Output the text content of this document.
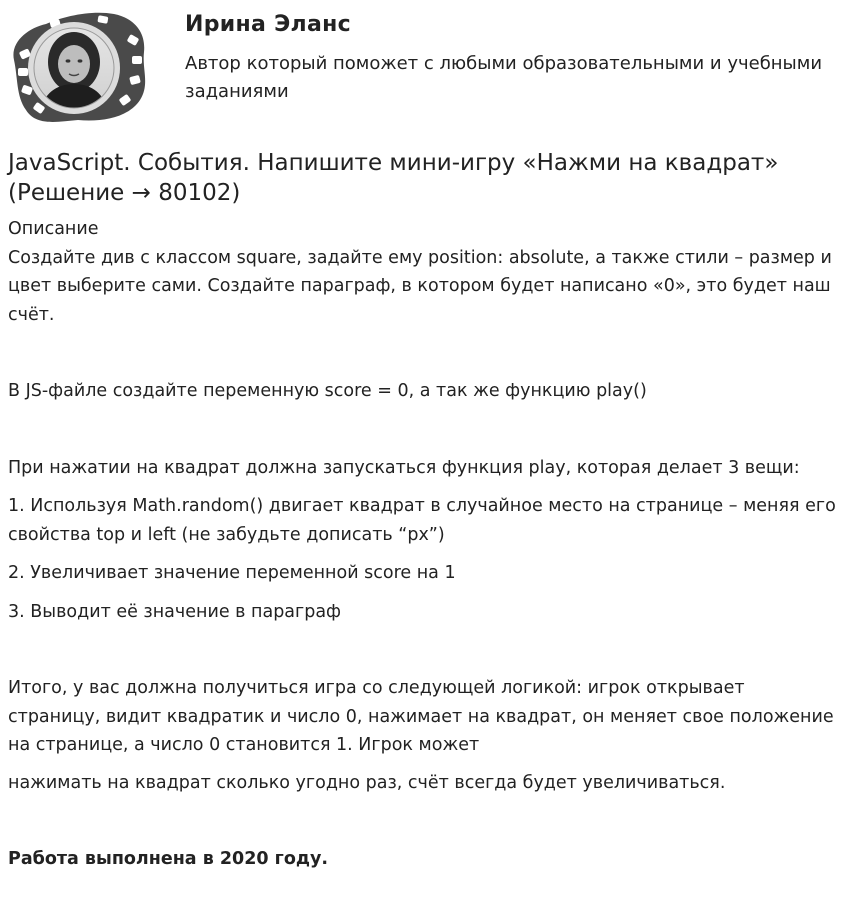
Ирина Эланс

Автор который поможет с любыми образовательными и учебными заданиями

JavaScript. События. Напишите мини-игру «Нажми на квадрат» (Решение → 80102)

Описание

Создайте див с классом square, задайте ему position: absolute, а также стили – размер и цвет выберите сами. Создайте параграф, в котором будет написано «0», это будет наш счёт.

В JS-файле создайте переменную score = 0, а так же функцию play()

При нажатии на квадрат должна запускаться функция play, которая делает 3 вещи:

1. Используя Math.random() двигает квадрат в случайное место на странице – меняя его свойства top и left (не забудьте дописать “px”)

2. Увеличивает значение переменной score на 1

3. Выводит её значение в параграф

Итого, у вас должна получиться игра со следующей логикой: игрок открывает страницу, видит квадратик и число 0, нажимает на квадрат, он меняет свое положение на странице, а число 0 становится 1. Игрок может

нажимать на квадрат сколько угодно раз, счёт всегда будет увеличиваться.

Работа выполнена в 2020 году.
